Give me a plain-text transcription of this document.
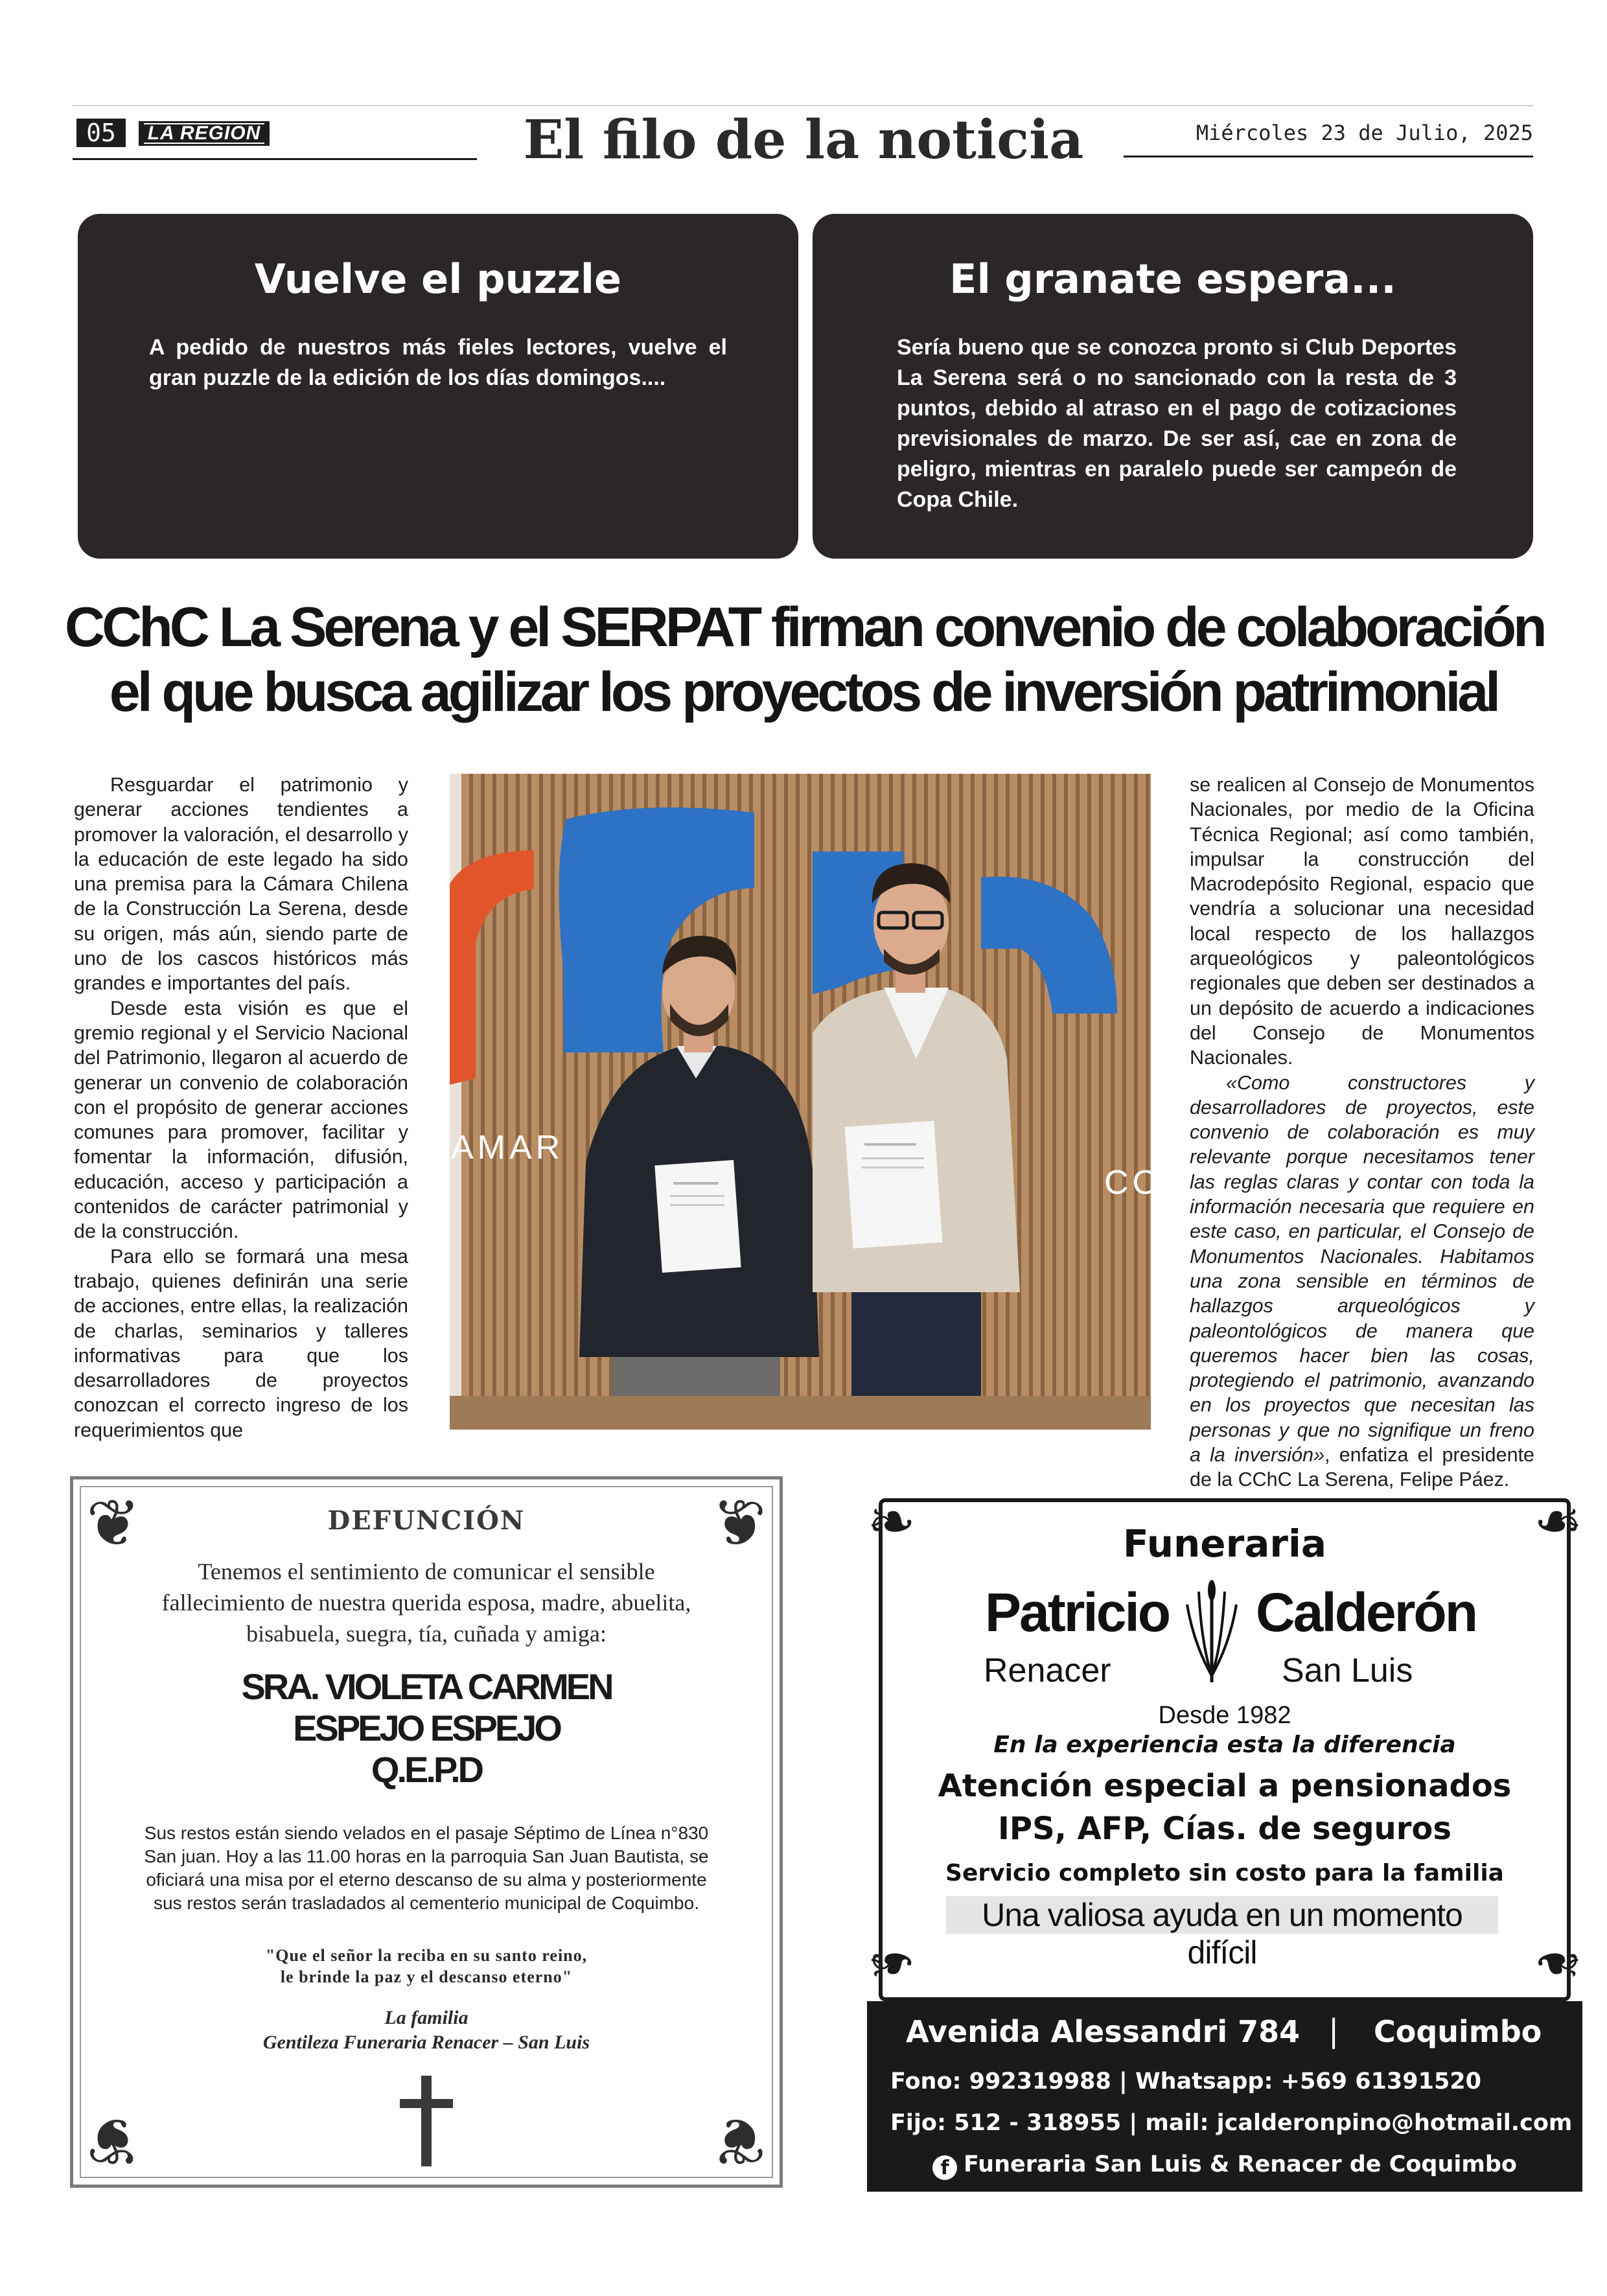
05	LA REGION	El filo de la noticia	Miércoles 23 de Julio, 2025
Vuelve el puzzle
A pedido de nuestros más fieles lectores, vuelve el gran puzzle de la edición de los días domingos....
El granate espera...
Sería bueno que se conozca pronto si Club Deportes La Serena será o no sancionado con la resta de 3 puntos, debido al atraso en el pago de cotizaciones previsionales de marzo. De ser así, cae en zona de peligro, mientras en paralelo puede ser campeón de Copa Chile.
CChC La Serena y el SERPAT firman convenio de colaboración
el que busca agilizar los proyectos de inversión patrimonial

Resguardar el patrimonio y generar acciones tendientes a promover la valoración, el desarrollo y la educación de este legado ha sido una premisa para la Cámara Chilena de la Construcción La Serena, desde su origen, más aún, siendo parte de uno de los cascos históricos más grandes e importantes del país.

Desde esta visión es que el gremio regional y el Servicio Nacional del Patrimonio, llegaron al acuerdo de generar un convenio de colaboración con el propósito de generar acciones comunes para promover, facilitar y fomentar la información, difusión, educación, acceso y participación a contenidos de carácter patrimonial y de la construcción.

Para ello se formará una mesa trabajo, quienes definirán una serie de acciones, entre ellas, la realización de charlas, seminarios y talleres informativas para que los desarrolladores de proyectos conozcan el correcto ingreso de los requerimientos que

AMAR
CO

se realicen al Consejo de Monumentos Nacionales, por medio de la Oficina Técnica Regional; así como también, impulsar la construcción del Macrodepósito Regional, espacio que vendría a solucionar una necesidad local respecto de los hallazgos arqueológicos y paleontológicos regionales que deben ser destinados a un depósito de acuerdo a indicaciones del Consejo de Monumentos Nacionales.

«Como constructores y desarrolladores de proyectos, este convenio de colaboración es muy relevante porque necesitamos tener las reglas claras y contar con toda la información necesaria que requiere en este caso, en particular, el Consejo de Monumentos Nacionales. Habitamos una zona sensible en términos de hallazgos arqueológicos y paleontológicos de manera que queremos hacer bien las cosas, protegiendo el patrimonio, avanzando en los proyectos que necesitan las personas y que no signifique un freno a la inversión», enfatiza el presidente de la CChC La Serena, Felipe Páez.

❦	❦
❦	❦
DEFUNCIÓN
Tenemos el sentimiento de comunicar el sensible fallecimiento de nuestra querida esposa, madre, abuelita, bisabuela, suegra, tía, cuñada y amiga:
SRA. VIOLETA CARMEN
ESPEJO ESPEJO
Q.E.P.D
Sus restos están siendo velados en el pasaje Séptimo de Línea n°830 San juan. Hoy a las 11.00 horas en la parroquia San Juan Bautista, se oficiará una misa por el eterno descanso de su alma y posteriormente sus restos serán trasladados al cementerio municipal de Coquimbo.
"Que el señor la reciba en su santo reino,
le brinde la paz y el descanso eterno"
La familia
Gentileza Funeraria Renacer – San Luis
❧	❧
❧	❧
Funeraria
Patricio Calderón
Renacer	San Luis
Desde 1982
En la experiencia esta la diferencia
Atención especial a pensionados
IPS, AFP, Cías. de seguros
Servicio completo sin costo para la familia
Una valiosa ayuda en un momento difícil
Avenida Alessandri 784 | Coquimbo
Fono: 992319988 | Whatsapp: +569 61391520
Fijo: 512 - 318955 | mail: jcalderonpino@hotmail.com
f Funeraria San Luis & Renacer de Coquimbo
